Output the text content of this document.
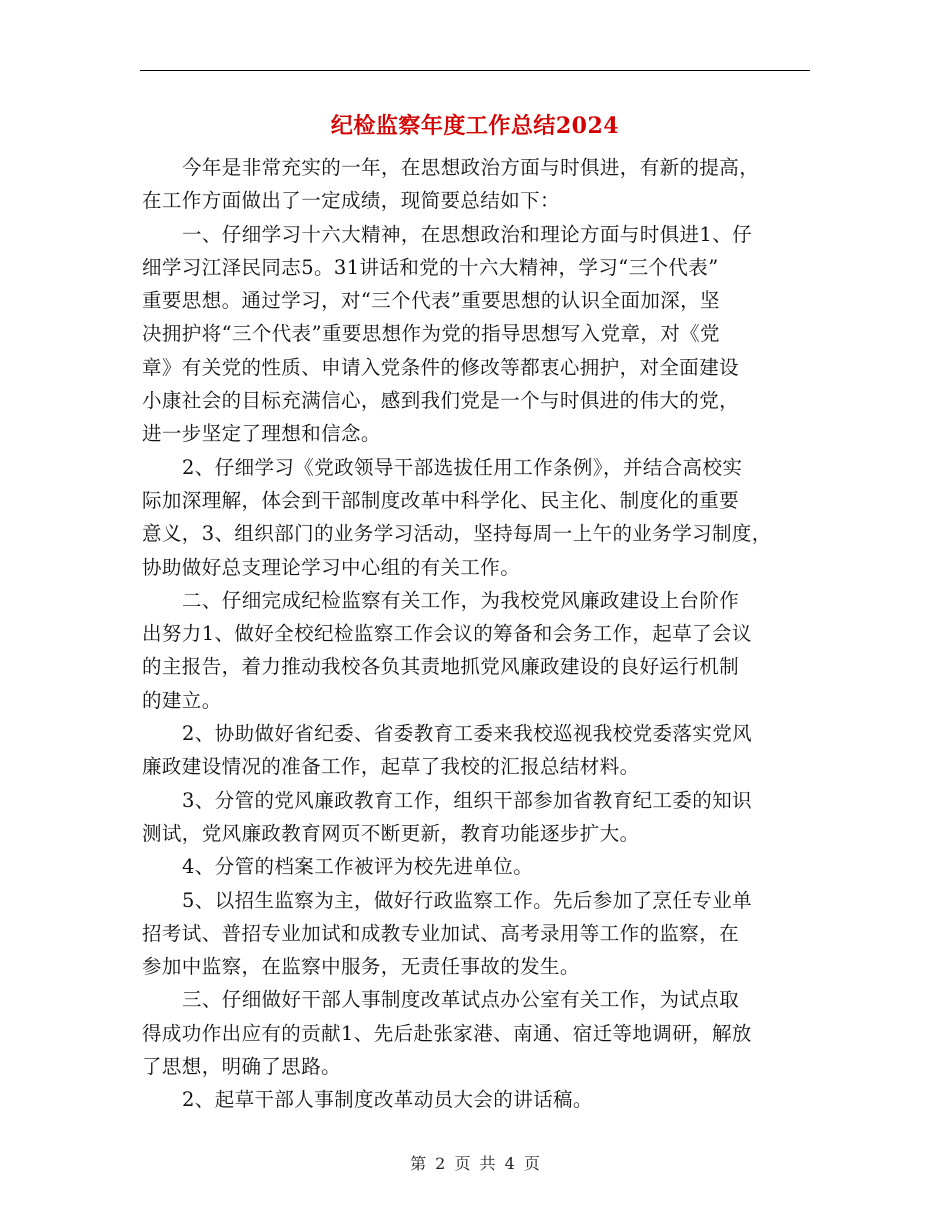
纪检监察年度工作总结2024
今年是非常充实的一年，在思想政治方面与时俱进，有新的提高，
在工作方面做出了一定成绩，现简要总结如下：
一、仔细学习十六大精神，在思想政治和理论方面与时俱进1、仔
细学习江泽民同志5。31讲话和党的十六大精神，学习“三个代表”
重要思想。通过学习，对“三个代表”重要思想的认识全面加深，坚
决拥护将“三个代表”重要思想作为党的指导思想写入党章，对《党
章》有关党的性质、申请入党条件的修改等都衷心拥护，对全面建设
小康社会的目标充满信心，感到我们党是一个与时俱进的伟大的党，
进一步坚定了理想和信念。
2、仔细学习《党政领导干部选拔任用工作条例》，并结合高校实
际加深理解，体会到干部制度改革中科学化、民主化、制度化的重要
意义，3、组织部门的业务学习活动，坚持每周一上午的业务学习制度，
协助做好总支理论学习中心组的有关工作。
二、仔细完成纪检监察有关工作，为我校党风廉政建设上台阶作
出努力1、做好全校纪检监察工作会议的筹备和会务工作，起草了会议
的主报告，着力推动我校各负其责地抓党风廉政建设的良好运行机制
的建立。
2、协助做好省纪委、省委教育工委来我校巡视我校党委落实党风
廉政建设情况的准备工作，起草了我校的汇报总结材料。
3、分管的党风廉政教育工作，组织干部参加省教育纪工委的知识
测试，党风廉政教育网页不断更新，教育功能逐步扩大。
4、分管的档案工作被评为校先进单位。
5、以招生监察为主，做好行政监察工作。先后参加了烹任专业单
招考试、普招专业加试和成教专业加试、高考录用等工作的监察，在
参加中监察，在监察中服务，无责任事故的发生。
三、仔细做好干部人事制度改革试点办公室有关工作，为试点取
得成功作出应有的贡献1、先后赴张家港、南通、宿迁等地调研，解放
了思想，明确了思路。
2、起草干部人事制度改革动员大会的讲话稿。
第 2 页 共 4 页
